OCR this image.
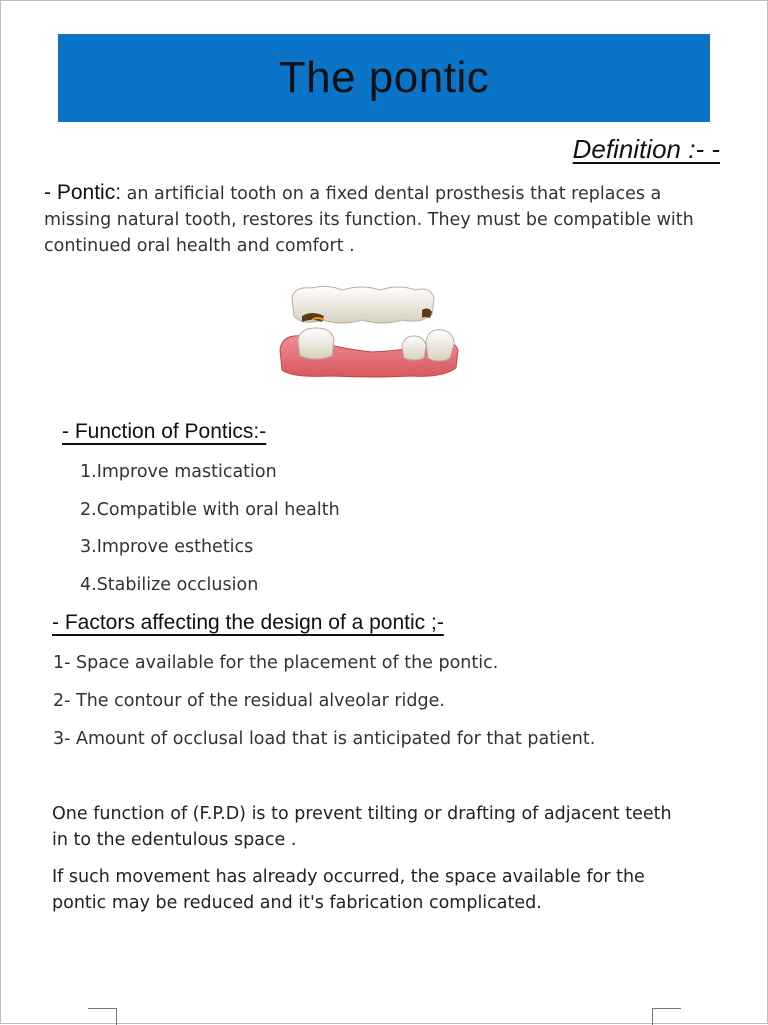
The pontic
Definition :- -

- Pontic: an artificial tooth on a fixed dental prosthesis that replaces a missing natural tooth, restores its function. They must be compatible with continued oral health and comfort .

- Function of Pontics:-
1.Improve mastication
2.Compatible with oral health
3.Improve esthetics
4.Stabilize occlusion
- Factors affecting the design of a pontic ;-
1- Space available for the placement of the pontic.
2- The contour of the residual alveolar ridge.
3- Amount of occlusal load that is anticipated for that patient.

One function of (F.P.D) is to prevent tilting or drafting of adjacent teeth in to the edentulous space .

If such movement has already occurred, the space available for the pontic may be reduced and it's fabrication complicated.
